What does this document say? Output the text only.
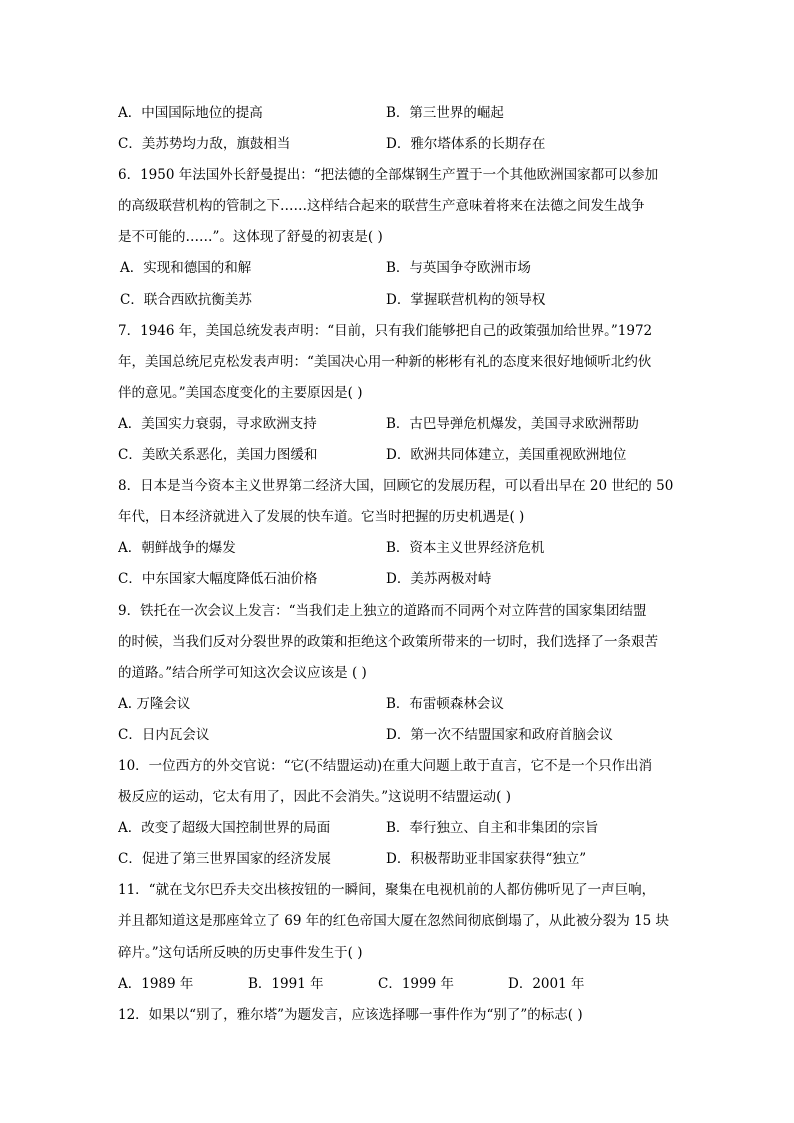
A．中国国际地位的提高	B．第三世界的崛起
C．美苏势均力敌，旗鼓相当	D．雅尔塔体系的长期存在
6．1950 年法国外长舒曼提出：“把法德的全部煤钢生产置于一个其他欧洲国家都可以参加
的高级联营机构的管制之下……这样结合起来的联营生产意味着将来在法德之间发生战争
是不可能的……”。这体现了舒曼的初衷是( )
A．实现和德国的和解	B．与英国争夺欧洲市场
C．联合西欧抗衡美苏	D．掌握联营机构的领导权
7．1946 年，美国总统发表声明：“目前，只有我们能够把自己的政策强加给世界。”1972
年，美国总统尼克松发表声明：“美国决心用一种新的彬彬有礼的态度来很好地倾听北约伙
伴的意见。”美国态度变化的主要原因是( )
A．美国实力衰弱，寻求欧洲支持	B．古巴导弹危机爆发，美国寻求欧洲帮助
C．美欧关系恶化，美国力图缓和	D．欧洲共同体建立，美国重视欧洲地位
8．日本是当今资本主义世界第二经济大国，回顾它的发展历程，可以看出早在 20 世纪的 50
年代，日本经济就进入了发展的快车道。它当时把握的历史机遇是( )
A．朝鲜战争的爆发	B．资本主义世界经济危机
C．中东国家大幅度降低石油价格	D．美苏两极对峙
9．铁托在一次会议上发言：“当我们走上独立的道路而不同两个对立阵营的国家集团结盟
的时候，当我们反对分裂世界的政策和拒绝这个政策所带来的一切时，我们选择了一条艰苦
的道路。”结合所学可知这次会议应该是 ( )
A. 万隆会议	B．布雷顿森林会议
C．日内瓦会议	D．第一次不结盟国家和政府首脑会议
10．一位西方的外交官说：“它(不结盟运动)在重大问题上敢于直言，它不是一个只作出消
极反应的运动，它太有用了，因此不会消失。”这说明不结盟运动( )
A．改变了超级大国控制世界的局面	B．奉行独立、自主和非集团的宗旨
C．促进了第三世界国家的经济发展	D．积极帮助亚非国家获得“独立”
11．“就在戈尔巴乔夫交出核按钮的一瞬间，聚集在电视机前的人都仿佛听见了一声巨响，
并且都知道这是那座耸立了 69 年的红色帝国大厦在忽然间彻底倒塌了，从此被分裂为 15 块
碎片。”这句话所反映的历史事件发生于( )
A．1989 年	B．1991 年	C．1999 年	D．2001 年
12．如果以“别了，雅尔塔”为题发言，应该选择哪一事件作为“别了”的标志( )
